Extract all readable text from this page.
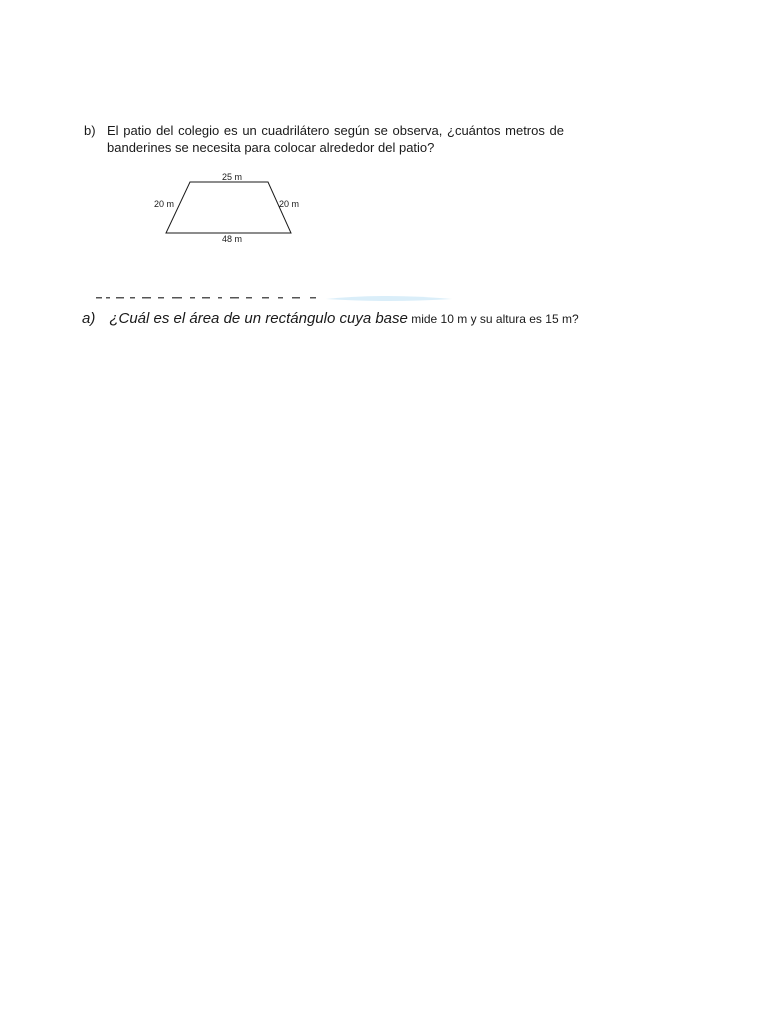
b) El patio del colegio es un cuadrilátero según se observa, ¿cuántos metros de
banderines se necesita para colocar alrededor del patio?
25 m
20 m	20 m
48 m
a) ¿Cuál es el área de un rectángulo cuya base mide 10 m y su altura es 15 m?
